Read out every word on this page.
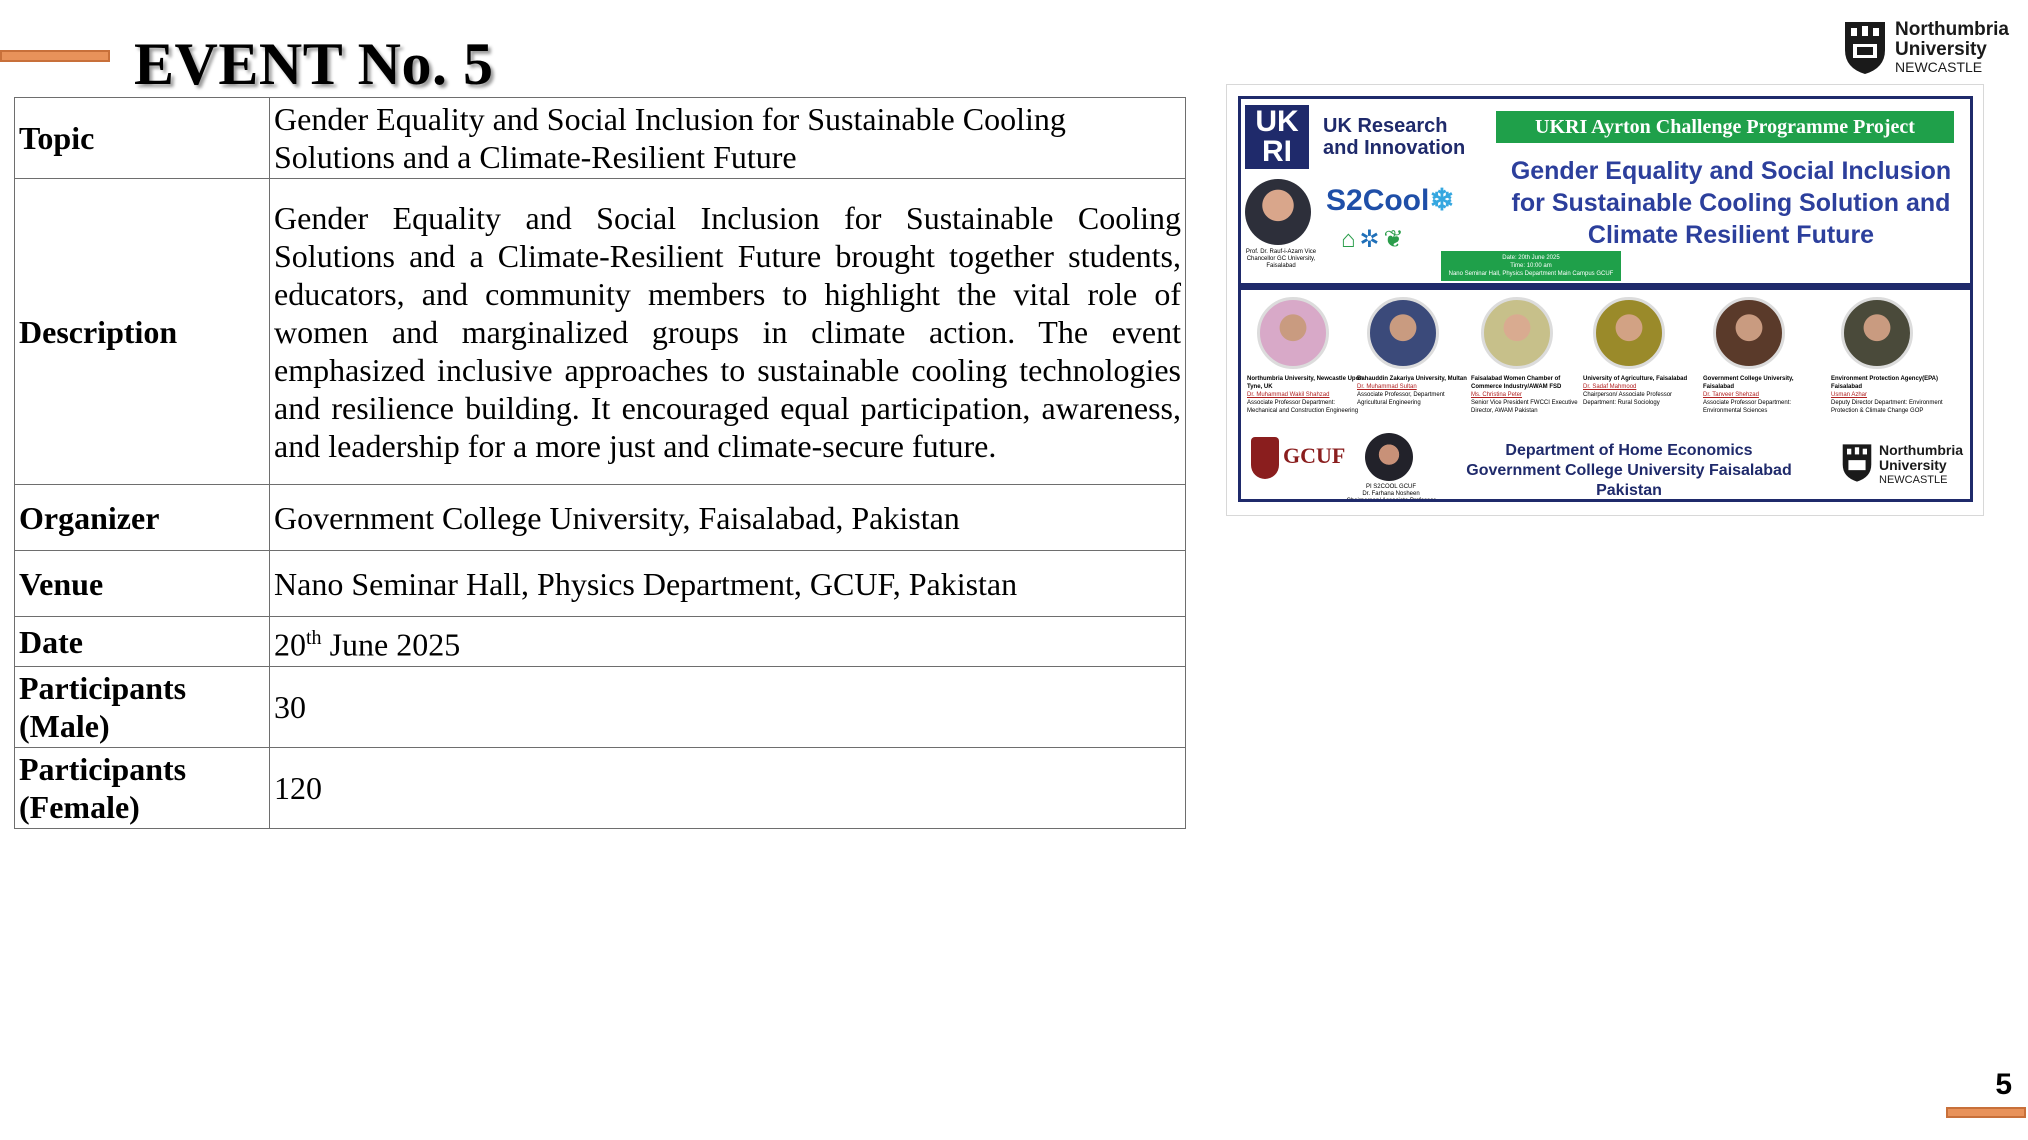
EVENT No. 5
Northumbria
University
NEWCASTLE
Topic	Gender Equality and Social Inclusion for Sustainable Cooling Solutions and a Climate-Resilient Future
Description	Gender Equality and Social Inclusion for Sustainable Cooling Solutions and a Climate-Resilient Future brought together students, educators, and community members to highlight the vital role of women and marginalized groups in climate action. The event emphasized inclusive approaches to sustainable cooling technologies and resilience building. It encouraged equal participation, awareness, and leadership for a more just and climate-secure future.
Organizer	Government College University, Faisalabad, Pakistan
Venue	Nano Seminar Hall, Physics Department, GCUF, Pakistan
Date	20th June 2025
Participants (Male)	30
Participants (Female)	120
UK RI
UK Research
and Innovation
UKRI Ayrton Challenge Programme Project
Gender Equality and Social Inclusion for Sustainable Cooling Solution and Climate Resilient Future
Prof. Dr. Rauf-i-Azam Vice Chancellor GC University, Faisalabad
S2Cool❄
⌂✲❦
Date: 20th June 2025
Time: 10:00 am
Nano Seminar Hall, Physics Department Main Campus GCUF
Northumbria University, Newcastle Upon Tyne, UK
Dr. Muhammad Wakil Shahzad
Associate Professor Department: Mechanical and Construction Engineering
Bahauddin Zakariya University, Multan
Dr. Muhammad Sultan
Associate Professor, Department Agricultural Engineering
Faisalabad Women Chamber of Commerce Industry/AWAM FSD
Ms. Christina Peter
Senior Vice President FWCCI Executive Director, AWAM Pakistan
University of Agriculture, Faisalabad
Dr. Sadaf Mahmood
Chairperson/ Associate Professor Department: Rural Sociology
Government College University, Faisalabad
Dr. Tanveer Shehzad
Associate Professor Department: Environmental Sciences
Environment Protection Agency(EPA) Faisalabad
Usman Azhar
Deputy Director Department: Environment Protection & Climate Change GOP
GCUF
PI S2COOL GCUF
Dr. Farhana Nosheen
Chairperson/ Associate Professor
Department of Home Economics
Government College University Faisalabad
Pakistan
Northumbria
University
NEWCASTLE
5
